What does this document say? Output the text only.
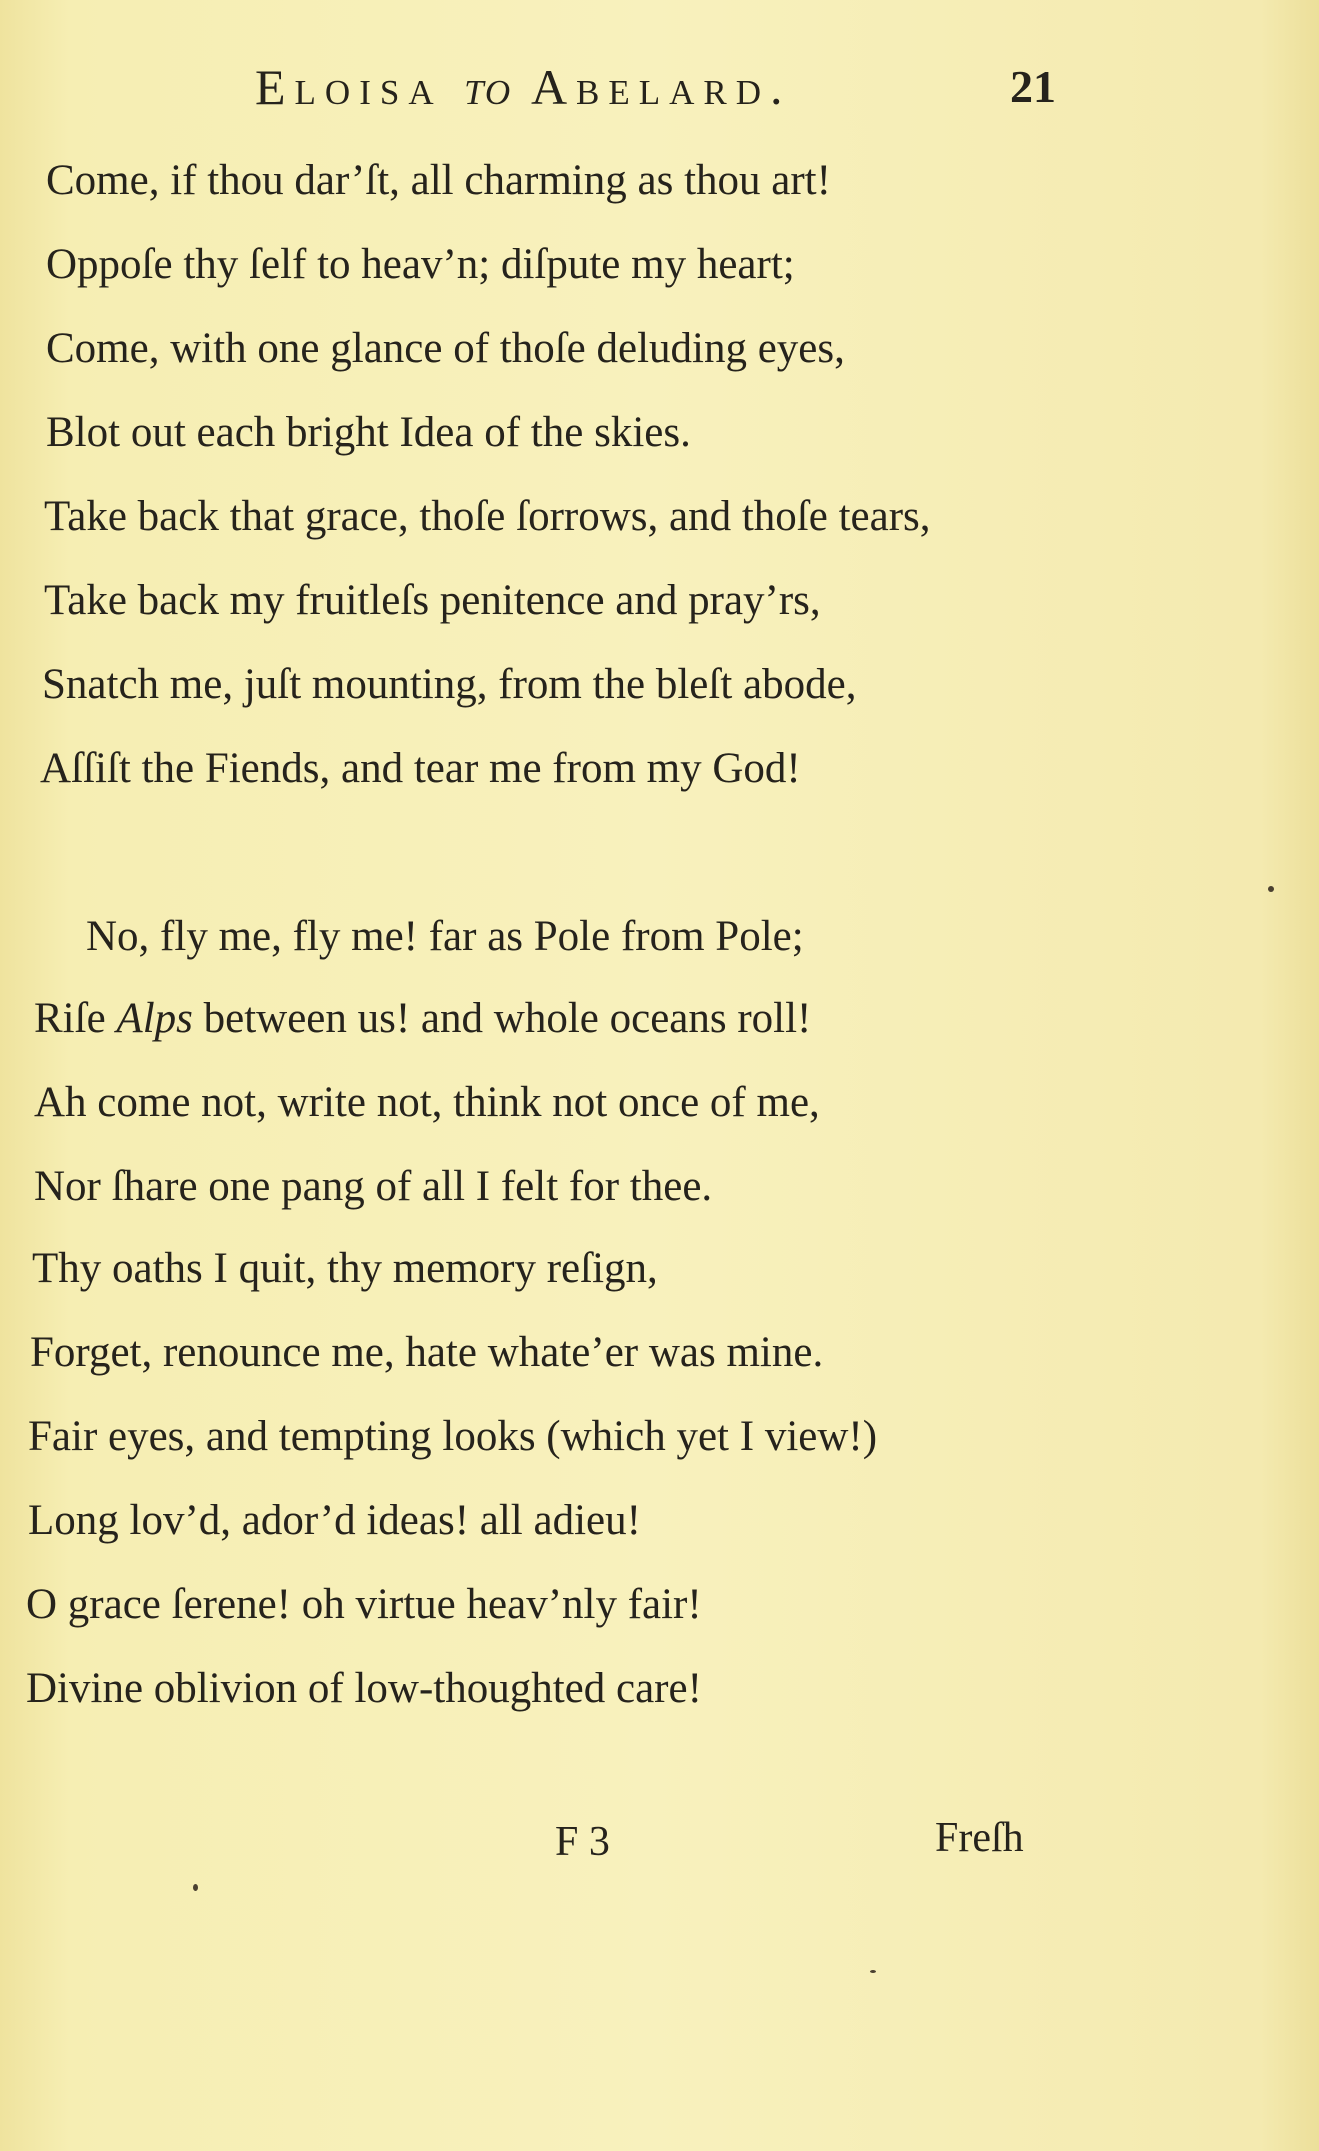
Eloisa to Abelard.	21
Come, if thou dar’ſt, all charming as thou art!
Oppoſe thy ſelf to heav’n; diſpute my heart;
Come, with one glance of thoſe deluding eyes,
Blot out each bright Idea of the skies.
Take back that grace, thoſe ſorrows, and thoſe tears,
Take back my fruitleſs penitence and pray’rs,
Snatch me, juſt mounting, from the bleſt abode,
Aſſiſt the Fiends, and tear me from my God!
No, fly me, fly me! far as Pole from Pole;
Riſe Alps between us! and whole oceans roll!
Ah come not, write not, think not once of me,
Nor ſhare one pang of all I felt for thee.
Thy oaths I quit, thy memory reſign,
Forget, renounce me, hate whate’er was mine.
Fair eyes, and tempting looks (which yet I view!)
Long lov’d, ador’d ideas! all adieu!
O grace ſerene! oh virtue heav’nly fair!
Divine oblivion of low-thoughted care!
F 3	Freſh
